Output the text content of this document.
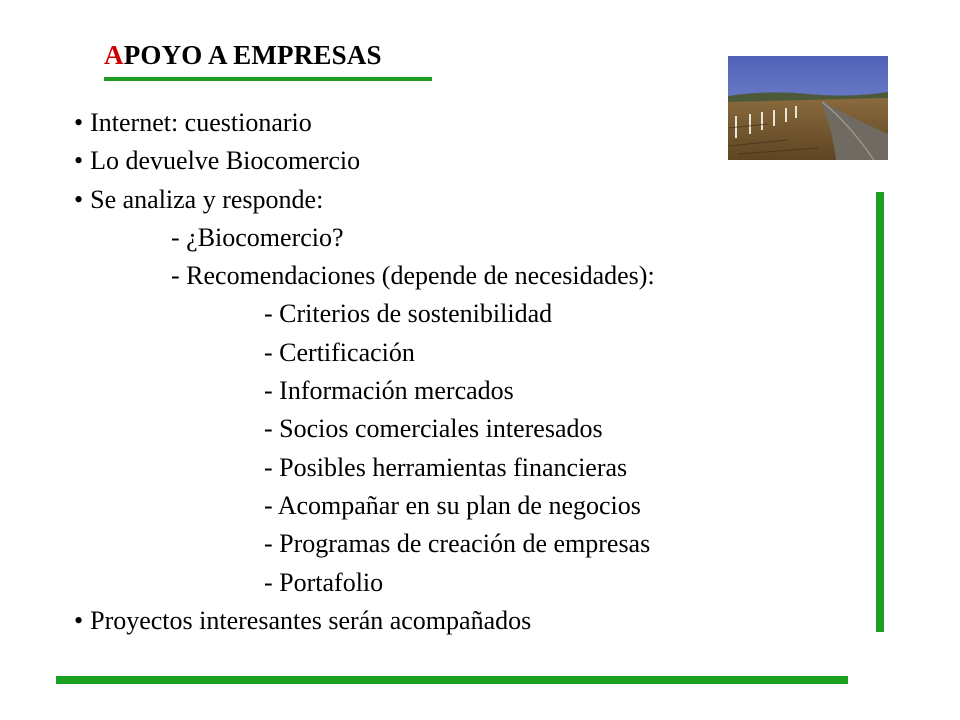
APOYO A EMPRESAS
• Internet: cuestionario
• Lo devuelve Biocomercio
• Se analiza y responde:
- ¿Biocomercio?
- Recomendaciones (depende de necesidades):
- Criterios de sostenibilidad
- Certificación
- Información mercados
- Socios comerciales interesados
- Posibles herramientas financieras
- Acompañar en su plan de negocios
- Programas de creación de empresas
- Portafolio
• Proyectos interesantes serán acompañados
